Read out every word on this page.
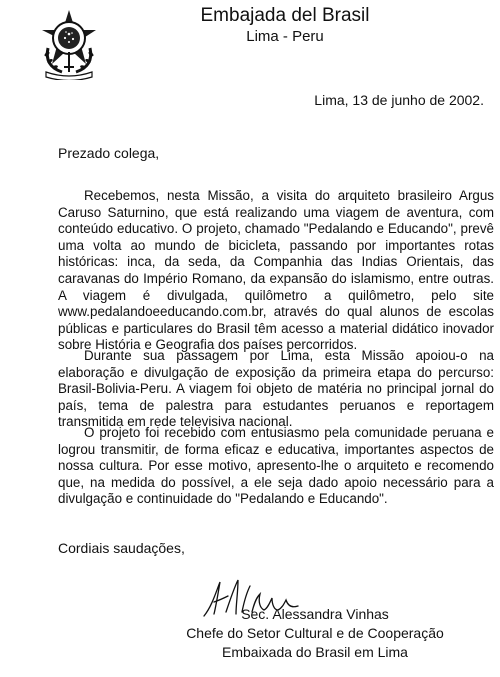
Embajada del Brasil
Lima - Peru
Lima, 13 de junho de 2002.
Prezado colega,
Recebemos, nesta Missão, a visita do arquiteto brasileiro Argus Caruso Saturnino, que está realizando uma viagem de aventura, com conteúdo educativo. O projeto, chamado "Pedalando e Educando", prevê uma volta ao mundo de bicicleta, passando por importantes rotas históricas: inca, da seda, da Companhia das Indias Orientais, das caravanas do Império Romano, da expansão do islamismo, entre outras. A viagem é divulgada, quilômetro a quilômetro, pelo site www.pedalandoeeducando.com.br, através do qual alunos de escolas públicas e particulares do Brasil têm acesso a material didático inovador sobre História e Geografia dos países percorridos.
Durante sua passagem por Lima, esta Missão apoiou-o na elaboração e divulgação de exposição da primeira etapa do percurso: Brasil-Bolivia-Peru. A viagem foi objeto de matéria no principal jornal do país, tema de palestra para estudantes peruanos e reportagem transmitida em rede televisiva nacional.
O projeto foi recebido com entusiasmo pela comunidade peruana e logrou transmitir, de forma eficaz e educativa, importantes aspectos de nossa cultura. Por esse motivo, apresento-lhe o arquiteto e recomendo que, na medida do possível, a ele seja dado apoio necessário para a divulgação e continuidade do "Pedalando e Educando".
Cordiais saudações,
Sec. Alessandra Vinhas
Chefe do Setor Cultural e de Cooperação
Embaixada do Brasil em Lima
